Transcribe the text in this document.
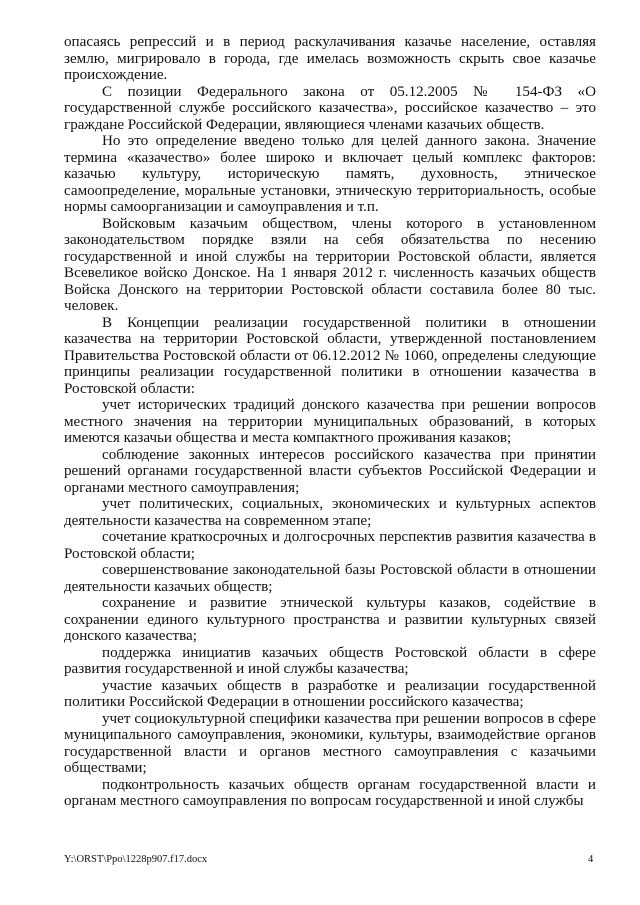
опасаясь репрессий и в период раскулачивания казачье население, оставляя землю, мигрировало в города, где имелась возможность скрыть свое казачье происхождение.

С позиции Федерального закона от 05.12.2005 № 154-ФЗ «О государственной службе российского казачества», российское казачество – это граждане Российской Федерации, являющиеся членами казачьих обществ.

Но это определение введено только для целей данного закона. Значение термина «казачество» более широко и включает целый комплекс факторов: казачью культуру, историческую память, духовность, этническое самоопределение, моральные установки, этническую территориальность, особые нормы самоорганизации и самоуправления и т.п.

Войсковым казачьим обществом, члены которого в установленном законодательством порядке взяли на себя обязательства по несению государственной и иной службы на территории Ростовской области, является Всевеликое войско Донское. На 1 января 2012 г. численность казачьих обществ Войска Донского на территории Ростовской области составила более 80 тыс. человек.

В Концепции реализации государственной политики в отношении казачества на территории Ростовской области, утвержденной постановлением Правительства Ростовской области от 06.12.2012 № 1060, определены следующие принципы реализации государственной политики в отношении казачества в Ростовской области:

учет исторических традиций донского казачества при решении вопросов местного значения на территории муниципальных образований, в которых имеются казачьи общества и места компактного проживания казаков;

соблюдение законных интересов российского казачества при принятии решений органами государственной власти субъектов Российской Федерации и органами местного самоуправления;

учет политических, социальных, экономических и культурных аспектов деятельности казачества на современном этапе;

сочетание краткосрочных и долгосрочных перспектив развития казачества в Ростовской области;

совершенствование законодательной базы Ростовской области в отношении деятельности казачьих обществ;

сохранение и развитие этнической культуры казаков, содействие в сохранении единого культурного пространства и развитии культурных связей донского казачества;

поддержка инициатив казачьих обществ Ростовской области в сфере развития государственной и иной службы казачества;

участие казачьих обществ в разработке и реализации государственной политики Российской Федерации в отношении российского казачества;

учет социокультурной специфики казачества при решении вопросов в сфере муниципального самоуправления, экономики, культуры, взаимодействие органов государственной власти и органов местного самоуправления с казачьими обществами;

подконтрольность казачьих обществ органам государственной власти и органам местного самоуправления по вопросам государственной и иной службы

Y:\ORST\Ppo\1228p907.f17.docx	4
